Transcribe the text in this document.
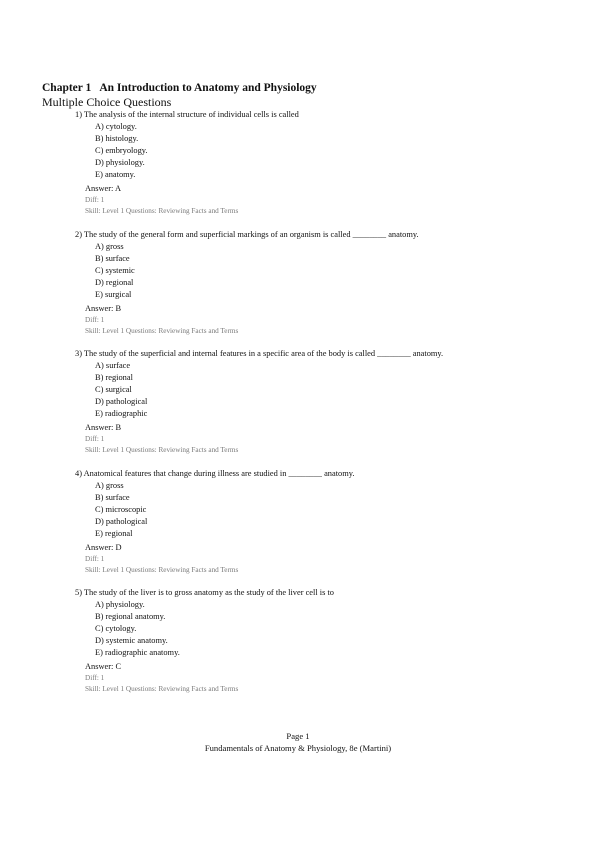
Chapter 1 An Introduction to Anatomy and Physiology
Multiple Choice Questions
1) The analysis of the internal structure of individual cells is called
A) cytology.
B) histology.
C) embryology.
D) physiology.
E) anatomy.
Answer: A
Diff: 1
Skill: Level 1 Questions: Reviewing Facts and Terms
2) The study of the general form and superficial markings of an organism is called ________ anatomy.
A) gross
B) surface
C) systemic
D) regional
E) surgical
Answer: B
Diff: 1
Skill: Level 1 Questions: Reviewing Facts and Terms
3) The study of the superficial and internal features in a specific area of the body is called ________ anatomy.
A) surface
B) regional
C) surgical
D) pathological
E) radiographic
Answer: B
Diff: 1
Skill: Level 1 Questions: Reviewing Facts and Terms
4) Anatomical features that change during illness are studied in ________ anatomy.
A) gross
B) surface
C) microscopic
D) pathological
E) regional
Answer: D
Diff: 1
Skill: Level 1 Questions: Reviewing Facts and Terms
5) The study of the liver is to gross anatomy as the study of the liver cell is to
A) physiology.
B) regional anatomy.
C) cytology.
D) systemic anatomy.
E) radiographic anatomy.
Answer: C
Diff: 1
Skill: Level 1 Questions: Reviewing Facts and Terms
Page 1
Fundamentals of Anatomy & Physiology, 8e (Martini)
